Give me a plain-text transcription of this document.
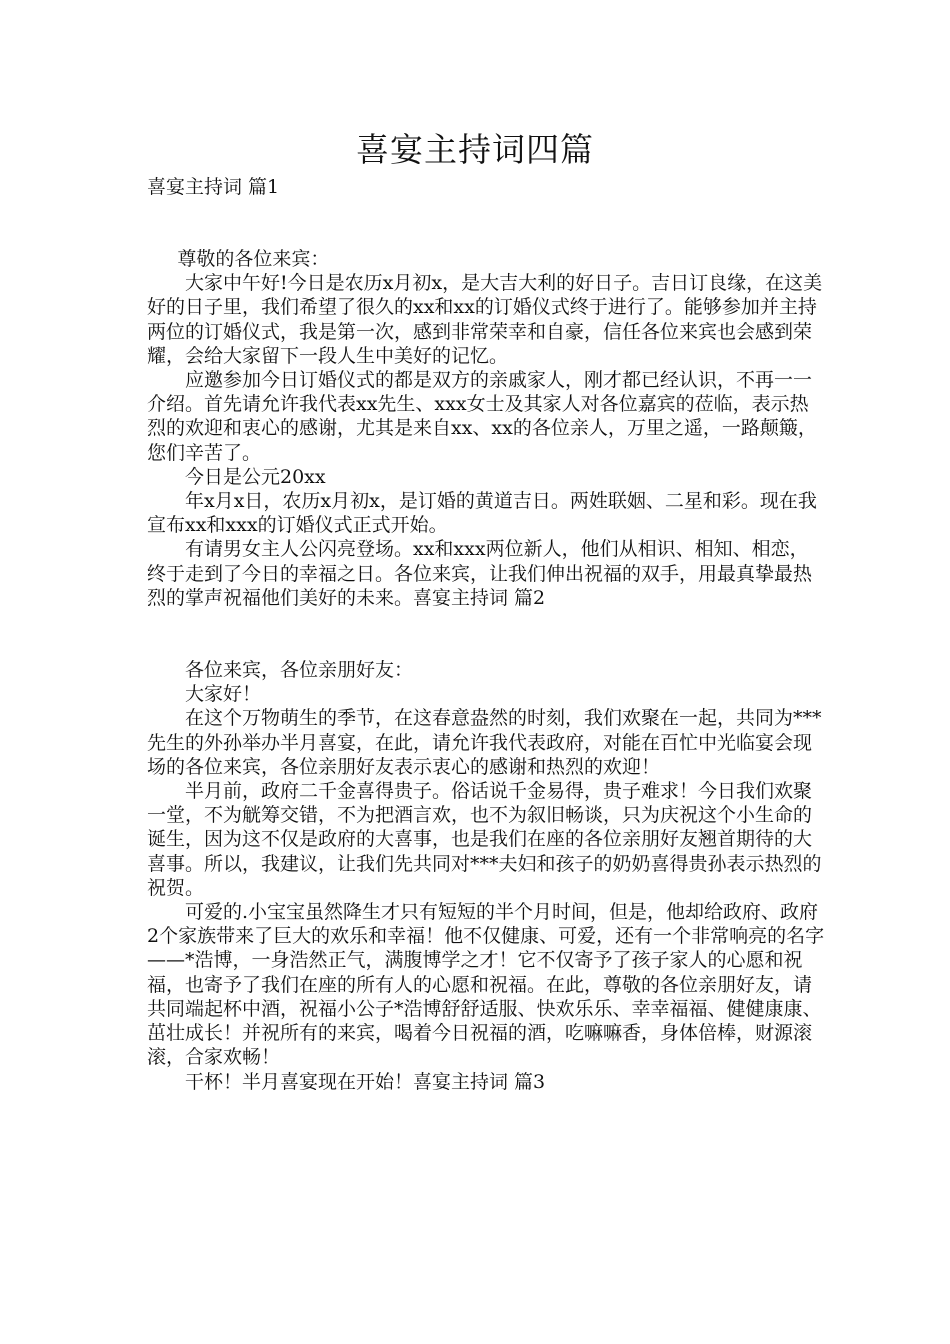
喜宴主持词四篇
喜宴主持词 篇1

尊敬的各位来宾：

大家中午好!今日是农历x月初x，是大吉大利的好日子。吉日订良缘，在这美好的日子里，我们希望了很久的xx和xx的订婚仪式终于进行了。能够参加并主持两位的订婚仪式，我是第一次，感到非常荣幸和自豪，信任各位来宾也会感到荣耀，会给大家留下一段人生中美好的记忆。

应邀参加今日订婚仪式的都是双方的亲戚家人，刚才都已经认识，不再一一介绍。首先请允许我代表xx先生、xxx女士及其家人对各位嘉宾的莅临，表示热烈的欢迎和衷心的感谢，尤其是来自xx、xx的各位亲人，万里之遥，一路颠簸，您们辛苦了。

今日是公元20xx

年x月x日，农历x月初x，是订婚的黄道吉日。两姓联姻、二星和彩。现在我宣布xx和xxx的订婚仪式正式开始。

有请男女主人公闪亮登场。xx和xxx两位新人，他们从相识、相知、相恋，终于走到了今日的幸福之日。各位来宾，让我们伸出祝福的双手，用最真挚最热烈的掌声祝福他们美好的未来。喜宴主持词 篇2

各位来宾，各位亲朋好友：

大家好！

在这个万物萌生的季节，在这春意盎然的时刻，我们欢聚在一起，共同为***先生的外孙举办半月喜宴，在此，请允许我代表政府，对能在百忙中光临宴会现场的各位来宾，各位亲朋好友表示衷心的感谢和热烈的欢迎！

半月前，政府二千金喜得贵子。俗话说千金易得，贵子难求！今日我们欢聚一堂，不为觥筹交错，不为把酒言欢，也不为叙旧畅谈，只为庆祝这个小生命的诞生，因为这不仅是政府的大喜事，也是我们在座的各位亲朋好友翘首期待的大喜事。所以，我建议，让我们先共同对***夫妇和孩子的奶奶喜得贵孙表示热烈的祝贺。

可爱的.小宝宝虽然降生才只有短短的半个月时间，但是，他却给政府、政府2个家族带来了巨大的欢乐和幸福！他不仅健康、可爱，还有一个非常响亮的名字——*浩博，一身浩然正气，满腹博学之才！它不仅寄予了孩子家人的心愿和祝福，也寄予了我们在座的所有人的心愿和祝福。在此，尊敬的各位亲朋好友，请共同端起杯中酒，祝福小公子*浩博舒舒适服、快欢乐乐、幸幸福福、健健康康、茁壮成长！并祝所有的来宾，喝着今日祝福的酒，吃嘛嘛香，身体倍棒，财源滚滚，合家欢畅！

干杯！半月喜宴现在开始！喜宴主持词 篇3
